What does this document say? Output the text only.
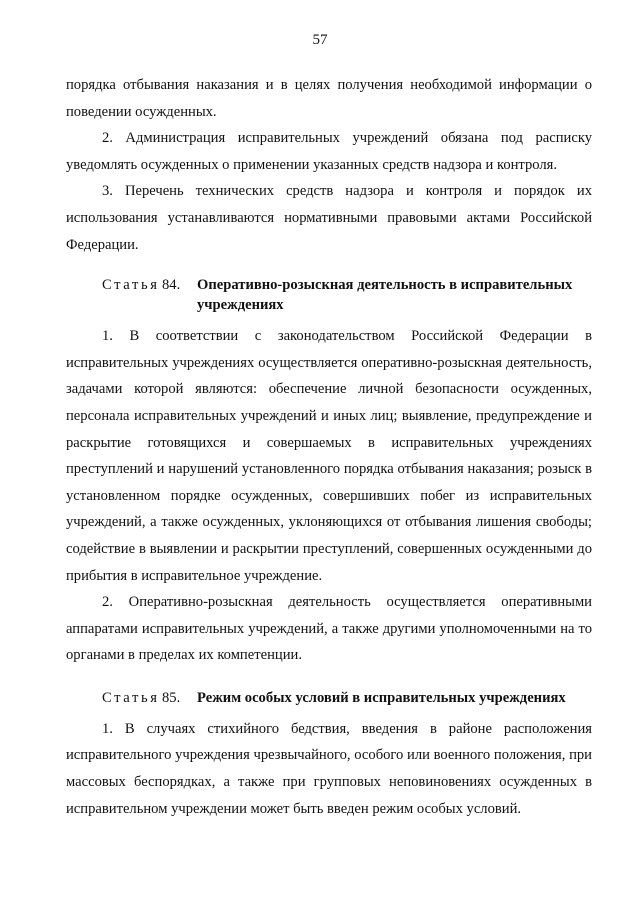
57

порядка отбывания наказания и в целях получения необходимой информации о поведении осужденных.

2. Администрация исправительных учреждений обязана под расписку уведомлять осужденных о применении указанных средств надзора и контроля.

3. Перечень технических средств надзора и контроля и порядок их использования устанавливаются нормативными правовыми актами Российской Федерации.

Статья 84. Оперативно-розыскная деятельность в исправительных учреждениях

1. В соответствии с законодательством Российской Федерации в исправительных учреждениях осуществляется оперативно-розыскная деятельность, задачами которой являются: обеспечение личной безопасности осужденных, персонала исправительных учреждений и иных лиц; выявление, предупреждение и раскрытие готовящихся и совершаемых в исправительных учреждениях преступлений и нарушений установленного порядка отбывания наказания; розыск в установленном порядке осужденных, совершивших побег из исправительных учреждений, а также осужденных, уклоняющихся от отбывания лишения свободы; содействие в выявлении и раскрытии преступлений, совершенных осужденными до прибытия в исправительное учреждение.

2. Оперативно-розыскная деятельность осуществляется оперативными аппаратами исправительных учреждений, а также другими уполномоченными на то органами в пределах их компетенции.

Статья 85. Режим особых условий в исправительных учреждениях

1. В случаях стихийного бедствия, введения в районе расположения исправительного учреждения чрезвычайного, особого или военного положения, при массовых беспорядках, а также при групповых неповиновениях осужденных в исправительном учреждении может быть введен режим особых условий.
